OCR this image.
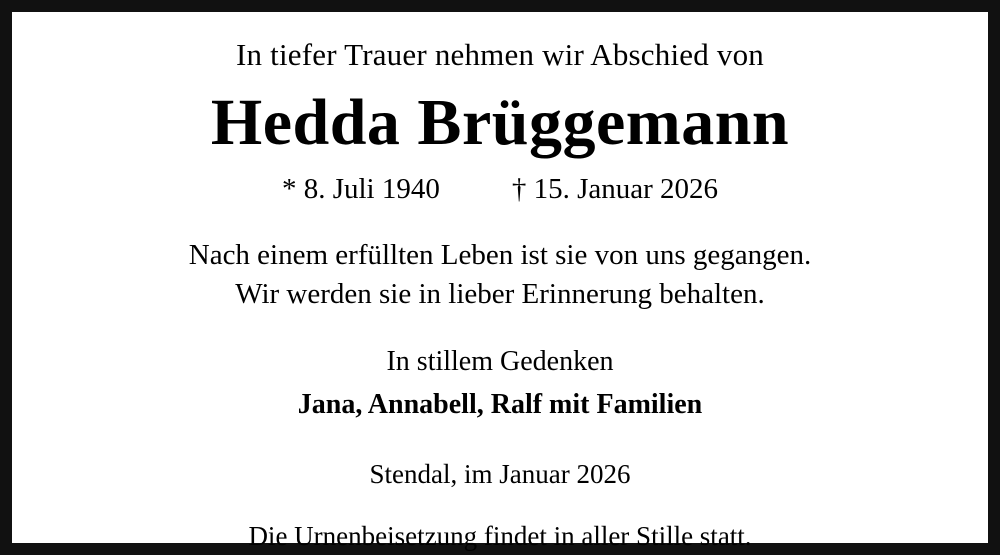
In tiefer Trauer nehmen wir Abschied von
Hedda Brüggemann
* 8. Juli 1940 † 15. Januar 2026
Nach einem erfüllten Leben ist sie von uns gegangen.
Wir werden sie in lieber Erinnerung behalten.
In stillem Gedenken
Jana, Annabell, Ralf mit Familien
Stendal, im Januar 2026
Die Urnenbeisetzung findet in aller Stille statt.
